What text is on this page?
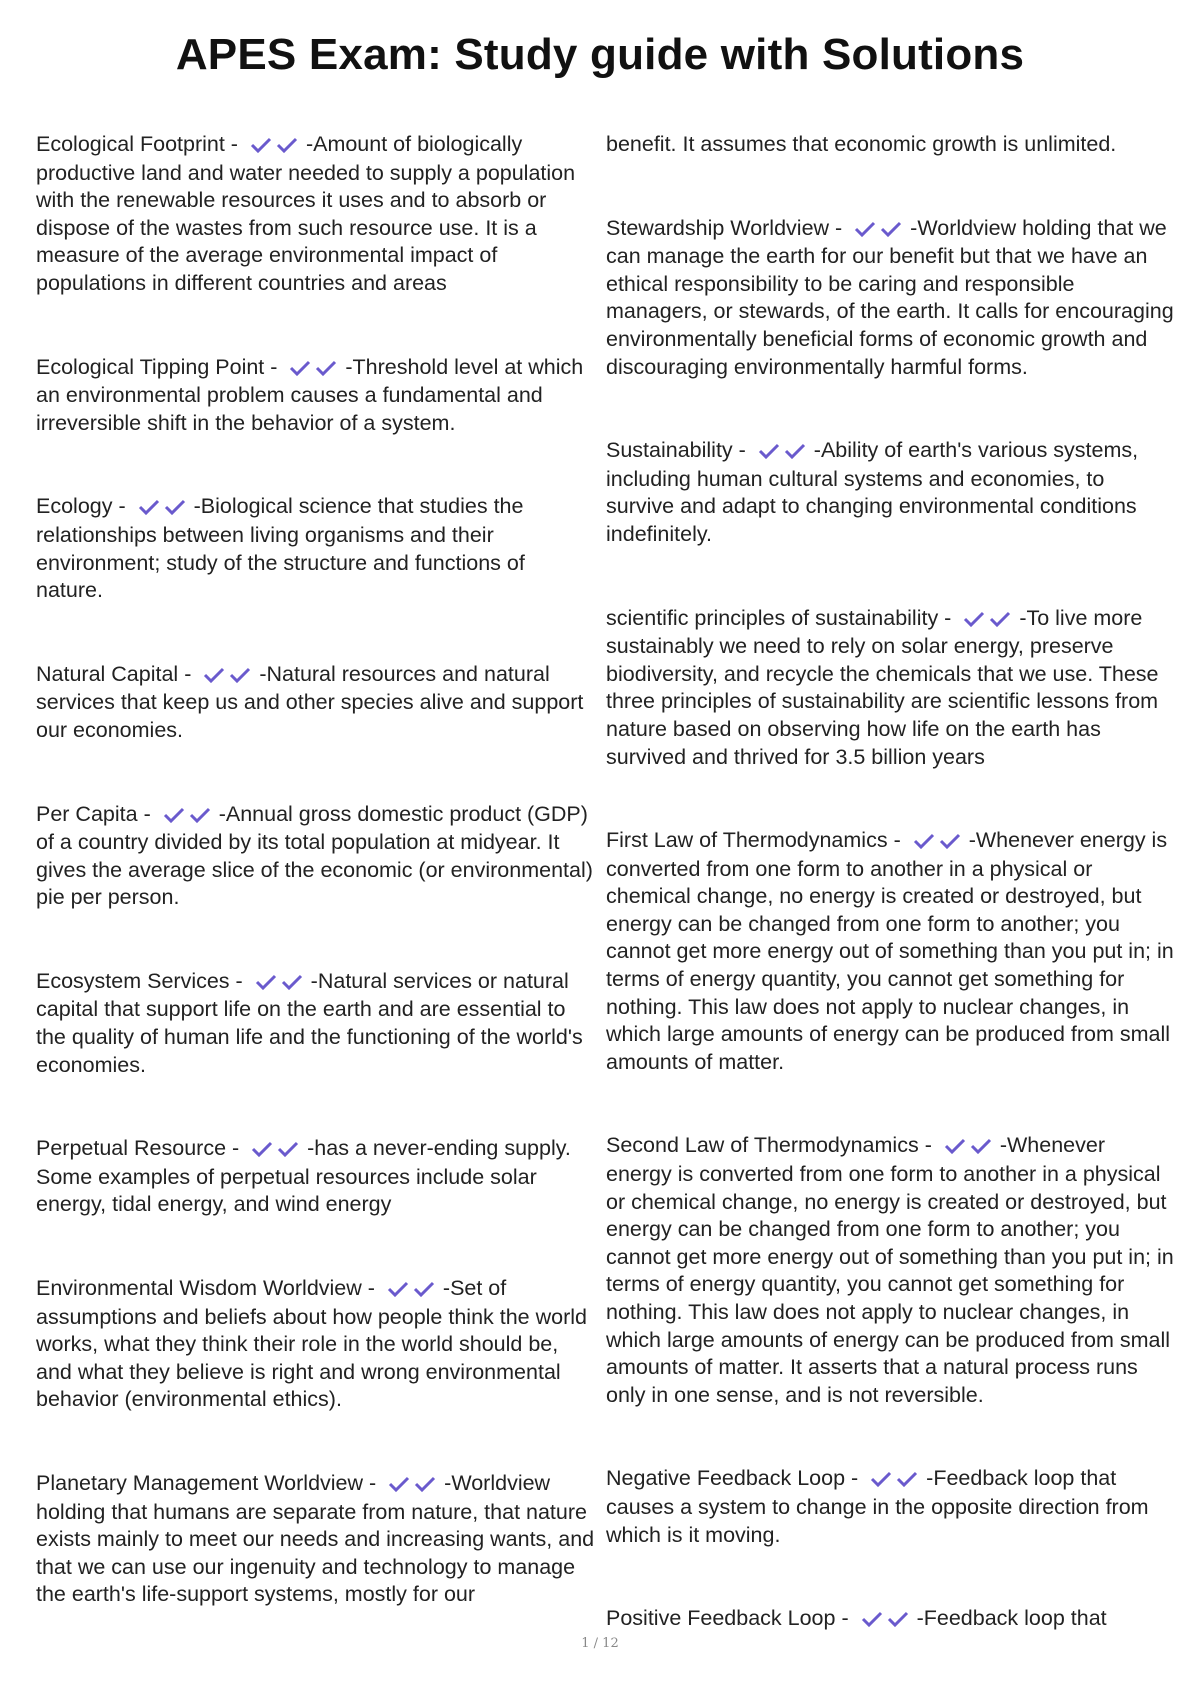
APES Exam: Study guide with Solutions

Ecological Footprint -	-Amount of biologically productive land and water needed to supply a population with the renewable resources it uses and to absorb or dispose of the wastes from such resource use. It is a measure of the average environmental impact of populations in different countries and areas

Ecological Tipping Point -	-Threshold level at which an environmental problem causes a fundamental and irreversible shift in the behavior of a system.

Ecology -	-Biological science that studies the relationships between living organisms and their environment; study of the structure and functions of nature.

Natural Capital -	-Natural resources and natural services that keep us and other species alive and support our economies.

Per Capita -	-Annual gross domestic product (GDP) of a country divided by its total population at midyear. It gives the average slice of the economic (or environmental) pie per person.

Ecosystem Services -	-Natural services or natural capital that support life on the earth and are essential to the quality of human life and the functioning of the world's economies.

Perpetual Resource -	-has a never-ending supply. Some examples of perpetual resources include solar energy, tidal energy, and wind energy

Environmental Wisdom Worldview -	-Set of assumptions and beliefs about how people think the world works, what they think their role in the world should be, and what they believe is right and wrong environmental behavior (environmental ethics).

Planetary Management Worldview -	-Worldview holding that humans are separate from nature, that nature exists mainly to meet our needs and increasing wants, and that we can use our ingenuity and technology to manage the earth's life-support systems, mostly for our

benefit. It assumes that economic growth is unlimited.

Stewardship Worldview -	-Worldview holding that we can manage the earth for our benefit but that we have an ethical responsibility to be caring and responsible managers, or stewards, of the earth. It calls for encouraging environmentally beneficial forms of economic growth and discouraging environmentally harmful forms.

Sustainability -	-Ability of earth's various systems, including human cultural systems and economies, to survive and adapt to changing environmental conditions indefinitely.

scientific principles of sustainability -	-To live more sustainably we need to rely on solar energy, preserve biodiversity, and recycle the chemicals that we use. These three principles of sustainability are scientific lessons from nature based on observing how life on the earth has survived and thrived for 3.5 billion years

First Law of Thermodynamics -	-Whenever energy is converted from one form to another in a physical or chemical change, no energy is created or destroyed, but energy can be changed from one form to another; you cannot get more energy out of something than you put in; in terms of energy quantity, you cannot get something for nothing. This law does not apply to nuclear changes, in which large amounts of energy can be produced from small amounts of matter.

Second Law of Thermodynamics -	-Whenever energy is converted from one form to another in a physical or chemical change, no energy is created or destroyed, but energy can be changed from one form to another; you cannot get more energy out of something than you put in; in terms of energy quantity, you cannot get something for nothing. This law does not apply to nuclear changes, in which large amounts of energy can be produced from small amounts of matter. It asserts that a natural process runs only in one sense, and is not reversible.

Negative Feedback Loop -	-Feedback loop that causes a system to change in the opposite direction from which is it moving.

Positive Feedback Loop -	-Feedback loop that

1 / 12
